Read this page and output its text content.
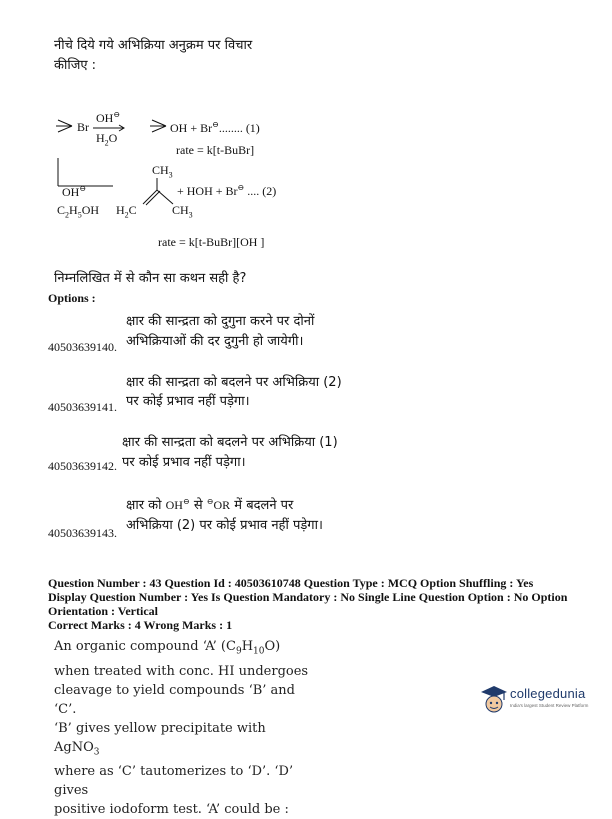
नीचे दिये गये अभिक्रिया अनुक्रम पर विचार
कीजिए :
Br
OH⊖
$H_2O$
OH + Br⊖........ (1)
rate = k[t-BuBr]
OH⊖
$C_2H_5OH$
$CH_3$
$H_2C$	$CH_3$
+ HOH + Br⊖ .... (2)
rate = k[t-BuBr][OH ]
निम्नलिखित में से कौन सा कथन सही है?
Options :
क्षार की सान्द्रता को दुगुना करने पर दोनों
अभिक्रियाओं की दर दुगुनी हो जायेगी।
40503639140.
क्षार की सान्द्रता को बदलने पर अभिक्रिया (2)
पर कोई प्रभाव नहीं पड़ेगा।
40503639141.
क्षार की सान्द्रता को बदलने पर अभिक्रिया (1)
पर कोई प्रभाव नहीं पड़ेगा।
40503639142.
क्षार को OH⊖ से ⊖OR में बदलने पर
अभिक्रिया (2) पर कोई प्रभाव नहीं पड़ेगा।
40503639143.
Question Number : 43 Question Id : 40503610748 Question Type : MCQ Option Shuffling : Yes
Display Question Number : Yes Is Question Mandatory : No Single Line Question Option : No Option
Orientation : Vertical
Correct Marks : 4 Wrong Marks : 1
An organic compound ‘A’ $(C_9H_{10}O)$
when treated with conc. HI undergoes
cleavage to yield compounds ‘B’ and ‘C’.
‘B’ gives yellow precipitate with AgNO$_3$
where as ‘C’ tautomerizes to ‘D’. ‘D’ gives
positive iodoform test. ‘A’ could be :
collegedunia
India's largest Student Review Platform
